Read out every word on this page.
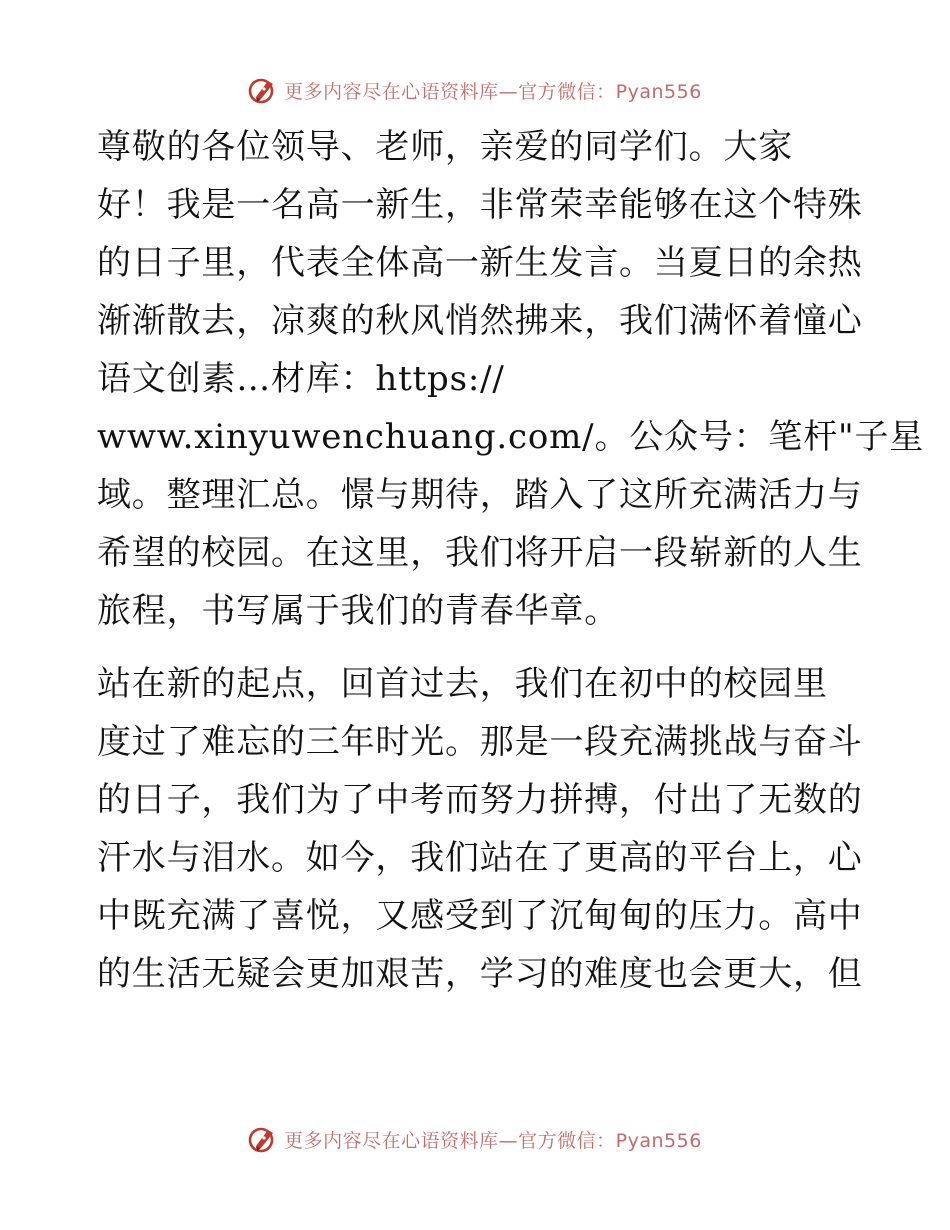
更多内容尽在心语资料库—官方微信：Pyan556
尊敬的各位领导、老师，亲爱的同学们。大家
好！我是一名高一新生，非常荣幸能够在这个特殊
的日子里，代表全体高一新生发言。当夏日的余热
渐渐散去，凉爽的秋风悄然拂来，我们满怀着憧心
语文创素…材库：https://
www.xinyuwenchuang.com/。公众号：笔杆"子星
域。整理汇总。憬与期待，踏入了这所充满活力与
希望的校园。在这里，我们将开启一段崭新的人生
旅程，书写属于我们的青春华章。
站在新的起点，回首过去，我们在初中的校园里
度过了难忘的三年时光。那是一段充满挑战与奋斗
的日子，我们为了中考而努力拼搏，付出了无数的
汗水与泪水。如今，我们站在了更高的平台上，心
中既充满了喜悦，又感受到了沉甸甸的压力。高中
的生活无疑会更加艰苦，学习的难度也会更大，但
更多内容尽在心语资料库—官方微信：Pyan556
